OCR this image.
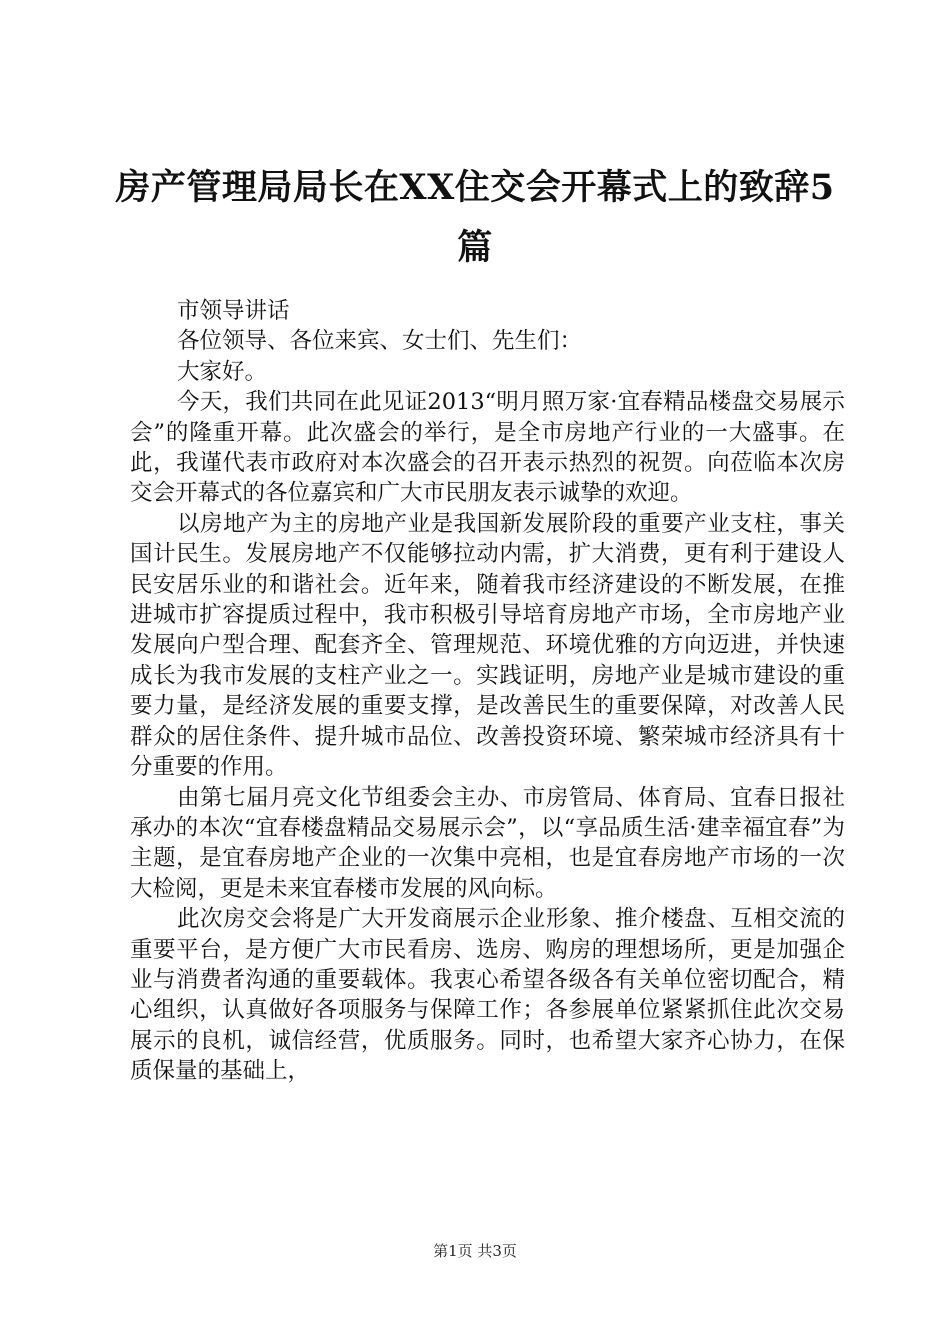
房产管理局局长在XX住交会开幕式上的致辞5
篇

市领导讲话

各位领导、各位来宾、女士们、先生们：

大家好。

今天，我们共同在此见证2013“明月照万家·宜春精品楼盘交易展示会”的隆重开幕。此次盛会的举行，是全市房地产行业的一大盛事。在此，我谨代表市政府对本次盛会的召开表示热烈的祝贺。向莅临本次房交会开幕式的各位嘉宾和广大市民朋友表示诚挚的欢迎。

以房地产为主的房地产业是我国新发展阶段的重要产业支柱，事关国计民生。发展房地产不仅能够拉动内需，扩大消费，更有利于建设人民安居乐业的和谐社会。近年来，随着我市经济建设的不断发展，在推进城市扩容提质过程中，我市积极引导培育房地产市场，全市房地产业发展向户型合理、配套齐全、管理规范、环境优雅的方向迈进，并快速成长为我市发展的支柱产业之一。实践证明，房地产业是城市建设的重要力量，是经济发展的重要支撑，是改善民生的重要保障，对改善人民群众的居住条件、提升城市品位、改善投资环境、繁荣城市经济具有十分重要的作用。

由第七届月亮文化节组委会主办、市房管局、体育局、宜春日报社承办的本次“宜春楼盘精品交易展示会”，以“享品质生活·建幸福宜春”为主题，是宜春房地产企业的一次集中亮相，也是宜春房地产市场的一次大检阅，更是未来宜春楼市发展的风向标。

此次房交会将是广大开发商展示企业形象、推介楼盘、互相交流的重要平台，是方便广大市民看房、选房、购房的理想场所，更是加强企业与消费者沟通的重要载体。我衷心希望各级各有关单位密切配合，精心组织，认真做好各项服务与保障工作；各参展单位紧紧抓住此次交易展示的良机，诚信经营，优质服务。同时，也希望大家齐心协力，在保质保量的基础上，

第1页 共3页
